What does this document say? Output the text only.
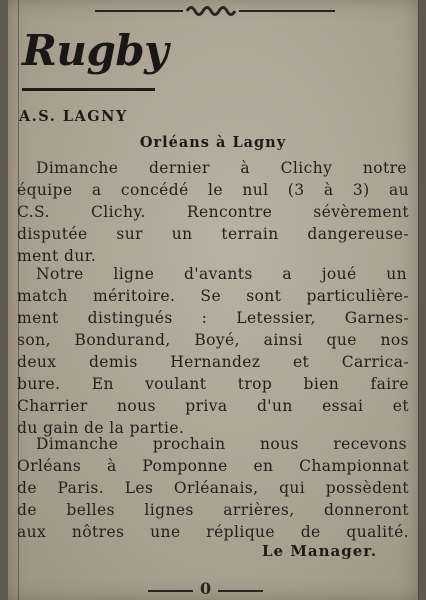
Rugby
A.S. LAGNY
Orléans à Lagny
Dimanche dernier à Clichy notre
équipe a concédé le nul (3 à 3) au
C.S. Clichy. Rencontre sévèrement
disputée sur un terrain dangereuse-
ment dur.
Notre ligne d'avants a joué un
match méritoire. Se sont particulière-
ment distingués : Letessier, Garnes-
son, Bondurand, Boyé, ainsi que nos
deux demis Hernandez et Carrica-
bure. En voulant trop bien faire
Charrier nous priva d'un essai et
du gain de la partie.
Dimanche prochain nous recevons
Orléans à Pomponne en Championnat
de Paris. Les Orléanais, qui possèdent
de belles lignes arrières, donneront
aux nôtres une réplique de qualité.
Le Manager.
0
